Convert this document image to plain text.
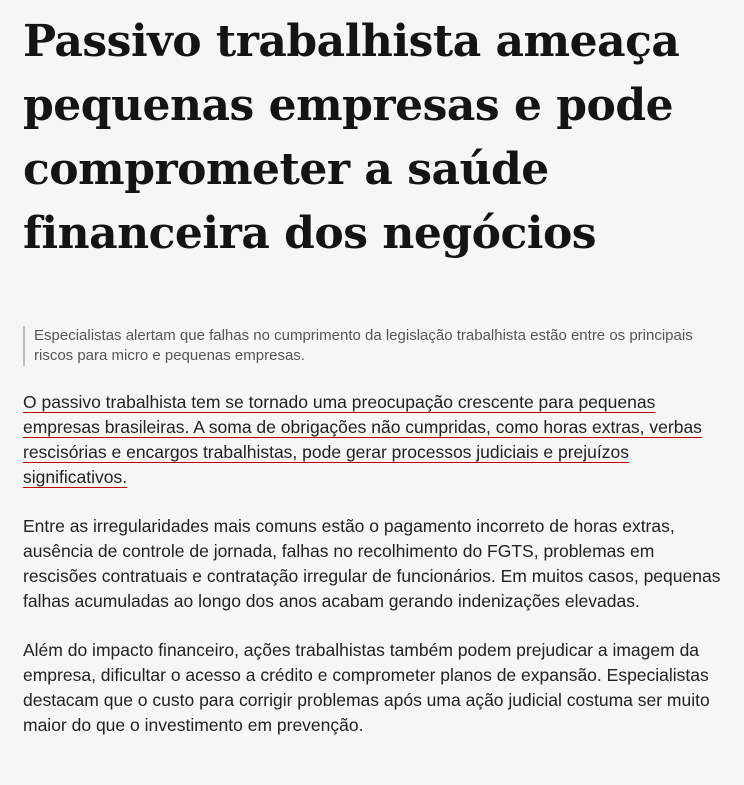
Passivo trabalhista ameaça pequenas empresas e pode comprometer a saúde financeira dos negócios
Especialistas alertam que falhas no cumprimento da legislação trabalhista estão entre os principais riscos para micro e pequenas empresas.

O passivo trabalhista tem se tornado uma preocupação crescente para pequenas empresas brasileiras. A soma de obrigações não cumpridas, como horas extras, verbas rescisórias e encargos trabalhistas, pode gerar processos judiciais e prejuízos significativos.

Entre as irregularidades mais comuns estão o pagamento incorreto de horas extras, ausência de controle de jornada, falhas no recolhimento do FGTS, problemas em rescisões contratuais e contratação irregular de funcionários. Em muitos casos, pequenas falhas acumuladas ao longo dos anos acabam gerando indenizações elevadas.

Além do impacto financeiro, ações trabalhistas também podem prejudicar a imagem da empresa, dificultar o acesso a crédito e comprometer planos de expansão. Especialistas destacam que o custo para corrigir problemas após uma ação judicial costuma ser muito maior do que o investimento em prevenção.
